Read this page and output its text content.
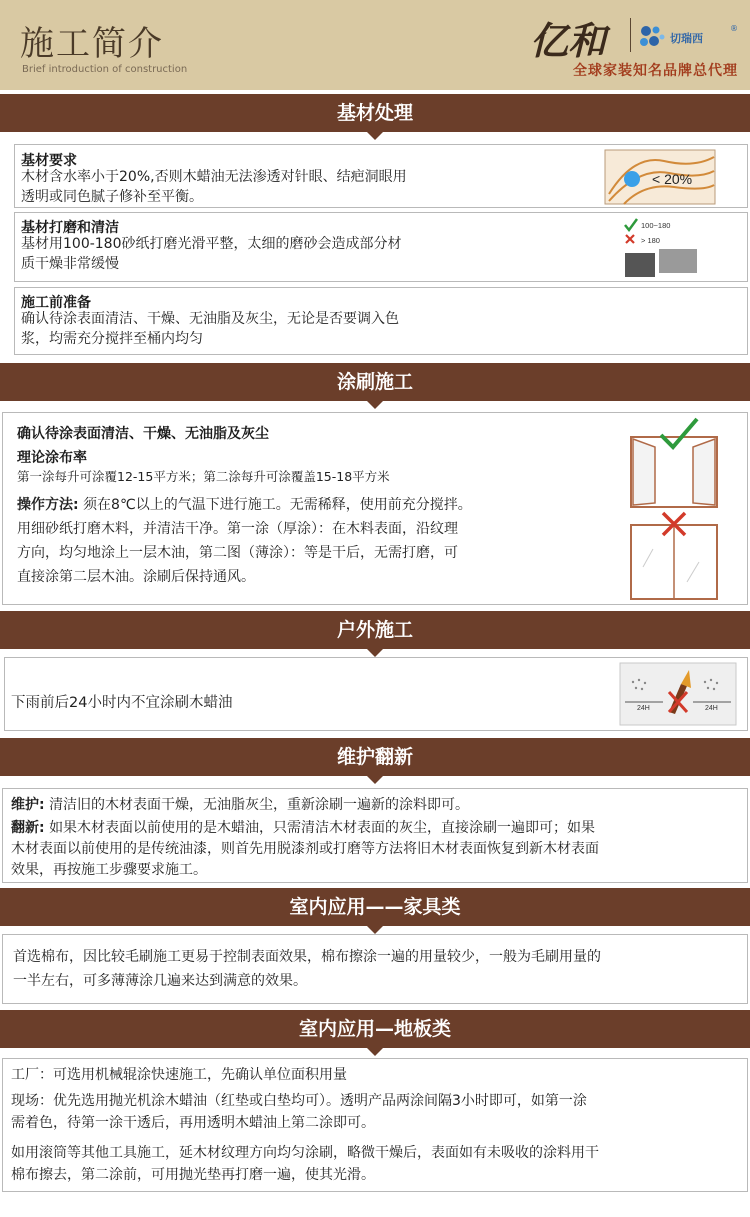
施工简介
Brief introduction of construction
亿和	切瑞西
®
全球家装知名品牌总代理
基材处理
基材要求
木材含水率小于20%,否则木蜡油无法渗透对针眼、结疤洞眼用
透明或同色腻子修补至平衡。
< 20%
基材打磨和清洁
基材用100-180砂纸打磨光滑平整，太细的磨砂会造成部分材
质干燥非常缓慢
100~180
> 180
施工前准备
确认待涂表面清洁、干燥、无油脂及灰尘，无论是否要调入色
浆，均需充分搅拌至桶内均匀
涂刷施工
确认待涂表面清洁、干燥、无油脂及灰尘
理论涂布率
第一涂每升可涂覆12-15平方米；第二涂每升可涂覆盖15-18平方米
操作方法: 须在8℃以上的气温下进行施工。无需稀释，使用前充分搅拌。
用细砂纸打磨木料，并清洁干净。第一涂（厚涂）：在木料表面，沿纹理
方向，均匀地涂上一层木油，第二图（薄涂）：等是干后，无需打磨，可
直接涂第二层木油。涂刷后保持通风。
户外施工
下雨前后24小时内不宜涂刷木蜡油	24H	24H
维护翻新
维护: 清洁旧的木材表面干燥，无油脂灰尘，重新涂刷一遍新的涂料即可。
翻新: 如果木材表面以前使用的是木蜡油，只需清洁木材表面的灰尘，直接涂刷一遍即可；如果
木材表面以前使用的是传统油漆，则首先用脱漆剂或打磨等方法将旧木材表面恢复到新木材表面
效果，再按施工步骤要求施工。
室内应用——家具类
首选棉布，因比较毛刷施工更易于控制表面效果，棉布擦涂一遍的用量较少，一般为毛刷用量的
一半左右，可多薄薄涂几遍来达到满意的效果。
室内应用—地板类
工厂：可选用机械辊涂快速施工，先确认单位面积用量
现场：优先选用抛光机涂木蜡油（红垫或白垫均可）。透明产品两涂间隔3小时即可，如第一涂
需着色，待第一涂干透后，再用透明木蜡油上第二涂即可。
如用滚筒等其他工具施工，延木材纹理方向均匀涂刷，略微干燥后，表面如有未吸收的涂料用干
棉布擦去，第二涂前，可用抛光垫再打磨一遍，使其光滑。
